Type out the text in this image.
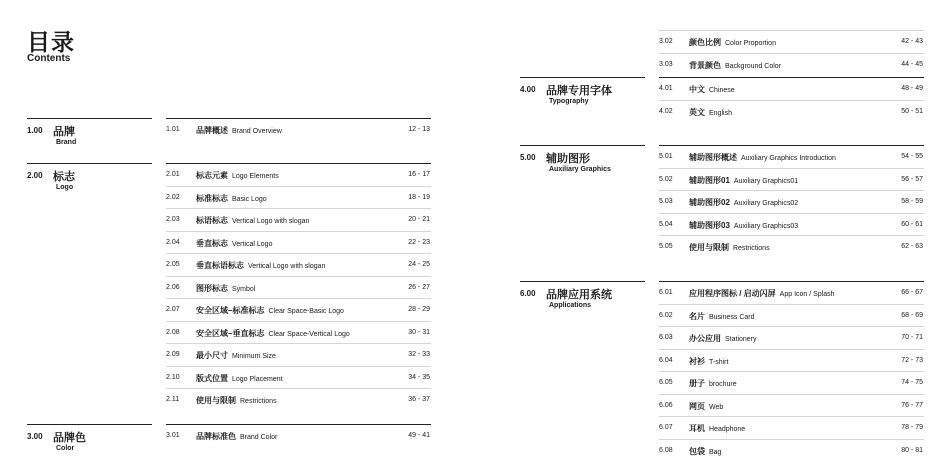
目录
Contents
1.00 品牌
Brand
1.01 品牌概述 Brand Overview	12 - 13
2.00 标志
Logo
2.01 标志元素 Logo Elements	16 - 17
2.02 标准标志 Basic Logo	18 - 19
2.03 标语标志 Vertical Logo with slogan	20 - 21
2.04 垂直标志 Vertical Logo	22 - 23
2.05 垂直标语标志 Vertical Logo with slogan	24 - 25
2.06 图形标志 Symbol	26 - 27
2.07 安全区域–标准标志 Clear Space-Basic Logo	28 - 29
2.08 安全区域–垂直标志 Clear Space-Vertical Logo	30 - 31
2.09 最小尺寸 Minimum Size	32 - 33
2.10 版式位置 Logo Placement	34 - 35
2.11 使用与限制 Restrictions	36 - 37
3.00 品牌色
Color
3.01 品牌标准色 Brand Color	49 - 41
3.02 颜色比例 Color Proportion	42 - 43
3.03 背景颜色 Background Color	44 - 45
4.00 品牌专用字体
Typography
4.01 中文 Chinese	48 - 49
4.02 英文 English	50 - 51
5.00 辅助图形
Auxiliary Graphics
5.01 辅助图形概述 Auxiliary Graphics Introduction	54 - 55
5.02 辅助图形01 Auxiliary Graphics01	56 - 57
5.03 辅助图形02 Auxiliary Graphics02	58 - 59
5.04 辅助图形03 Auxiliary Graphics03	60 - 61
5.05 使用与限制 Restrictions	62 - 63
6.00 品牌应用系统
Applications
6.01 应用程序图标 / 启动闪屏 App Icon / Splash	66 - 67
6.02 名片 Business Card	68 - 69
6.03 办公应用 Stationery	70 - 71
6.04 衬衫 T-shirt	72 - 73
6.05 册子 brochure	74 - 75
6.06 网页 Web	76 - 77
6.07 耳机 Headphone	78 - 79
6.08 包袋 Bag	80 - 81
